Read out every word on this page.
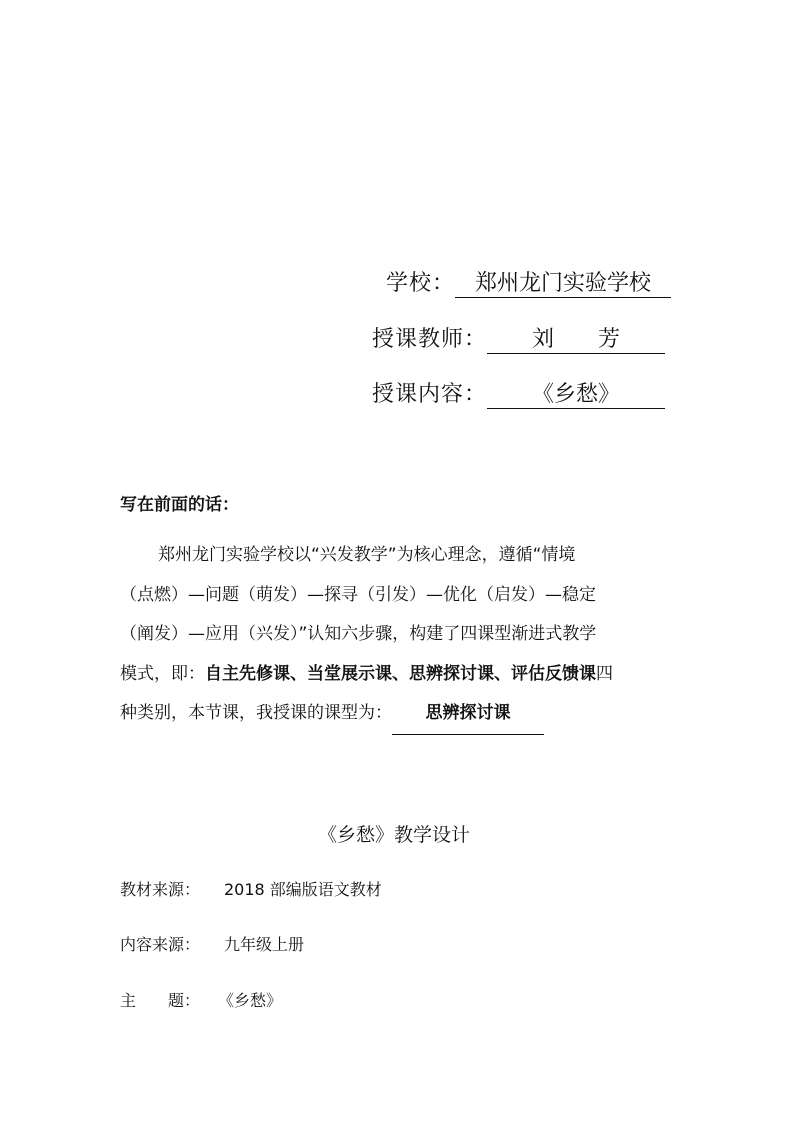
学校： 郑州龙门实验学校
授课教师： 刘　　芳
授课内容： 《乡愁》
写在前面的话：
郑州龙门实验学校以“兴发教学”为核心理念，遵循“情境
（点燃）—问题（萌发）—探寻（引发）—优化（启发）—稳定
（阐发）—应用（兴发）”认知六步骤，构建了四课型渐进式教学
模式，即：自主先修课、当堂展示课、思辨探讨课、评估反馈课四
种类别，本节课，我授课的课型为： 思辨探讨课
《乡愁》教学设计
教材来源： 2018 部编版语文教材
内容来源： 九年级上册
主　　题： 《乡愁》
